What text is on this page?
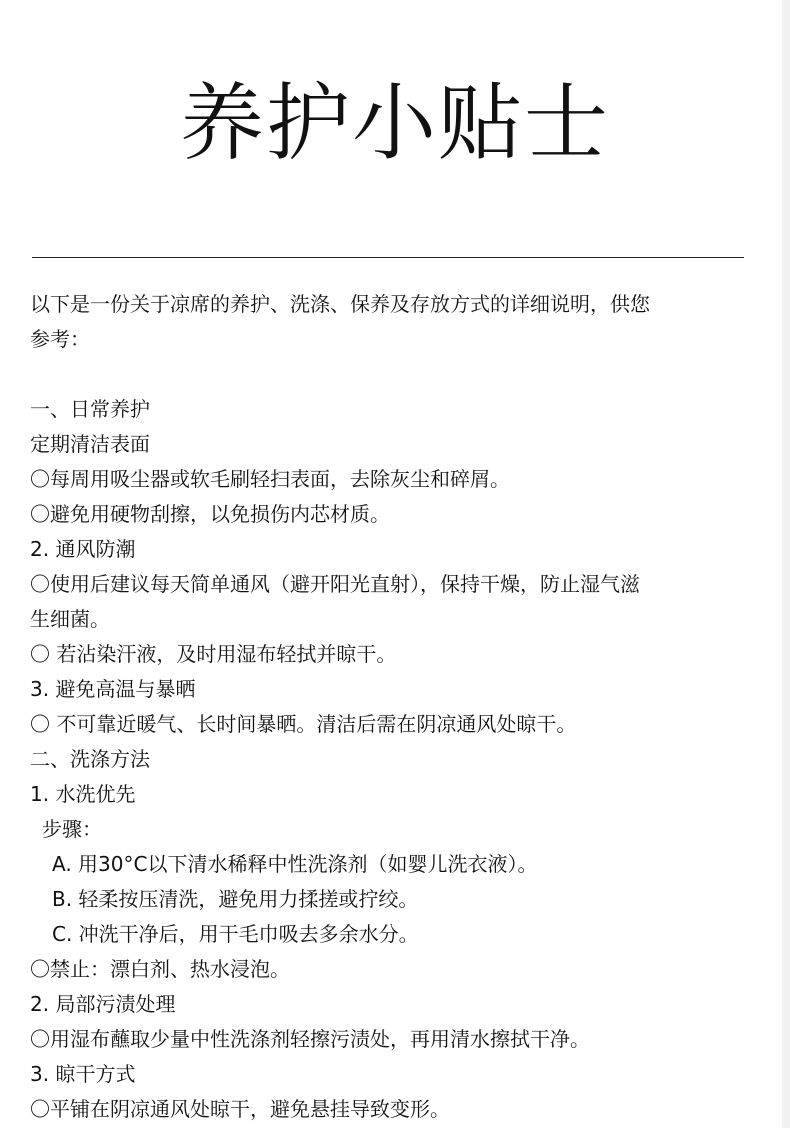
养护小贴士
以下是一份关于凉席的养护、洗涤、保养及存放方式的详细说明，供您
参考：
一、日常养护
定期清洁表面
〇每周用吸尘器或软毛刷轻扫表面，去除灰尘和碎屑。
〇避免用硬物刮擦，以免损伤内芯材质。
2. 通风防潮
〇使用后建议每天简单通风（避开阳光直射），保持干燥，防止湿气滋
生细菌。
〇 若沾染汗液，及时用湿布轻拭并晾干。
3. 避免高温与暴晒
〇 不可靠近暖气、长时间暴晒。清洁后需在阴凉通风处晾干。
二、洗涤方法
1. 水洗优先
步骤：
A. 用30°C以下清水稀释中性洗涤剂（如婴儿洗衣液）。
B. 轻柔按压清洗，避免用力揉搓或拧绞。
C. 冲洗干净后，用干毛巾吸去多余水分。
〇禁止：漂白剂、热水浸泡。
2. 局部污渍处理
〇用湿布蘸取少量中性洗涤剂轻擦污渍处，再用清水擦拭干净。
3. 晾干方式
〇平铺在阴凉通风处晾干，避免悬挂导致变形。
